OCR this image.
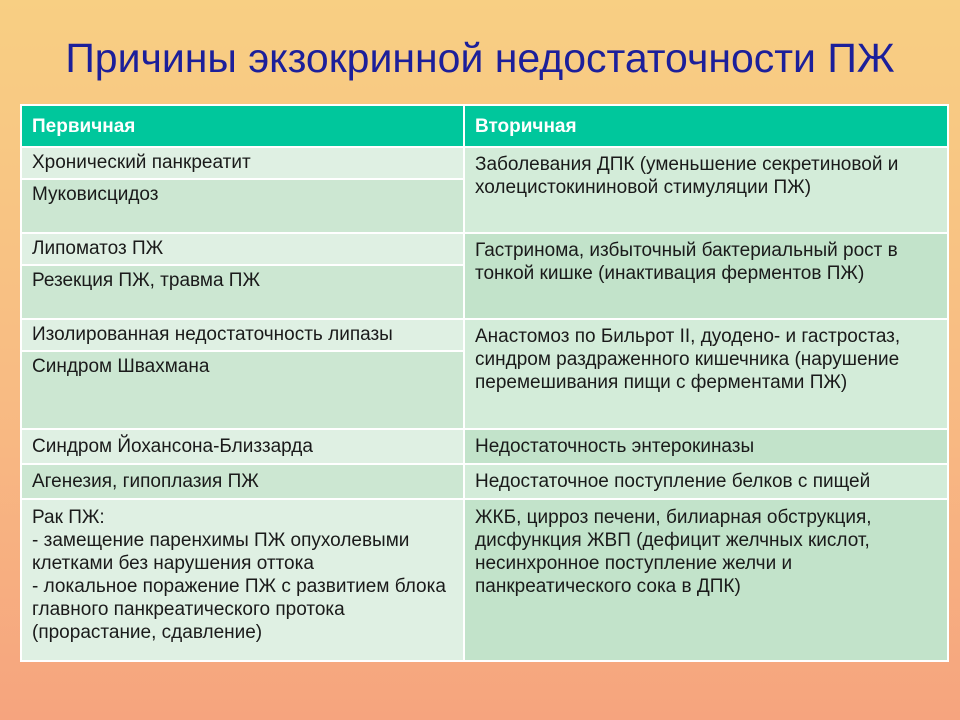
Причины экзокринной недостаточности ПЖ
Первичная	Вторичная
Хронический панкреатит	Заболевания ДПК (уменьшение секретиновой и холецистокининовой стимуляции ПЖ)
Муковисцидоз	
Липоматоз ПЖ	Гастринома, избыточный бактериальный рост в тонкой кишке (инактивация ферментов ПЖ)
Резекция ПЖ, травма ПЖ	
Изолированная недостаточность липазы	Анастомоз по Бильрот II, дуодено- и гастростаз, синдром раздраженного кишечника (нарушение перемешивания пищи с ферментами ПЖ)
Синдром Швахмана	
Синдром Йохансона-Близзарда	Недостаточность энтерокиназы
Агенезия, гипоплазия ПЖ	Недостаточное поступление белков с пищей
Рак ПЖ:
- замещение паренхимы ПЖ опухолевыми клетками без нарушения оттока
- локальное поражение ПЖ с развитием блока главного панкреатического протока (прорастание, сдавление)	ЖКБ, цирроз печени, билиарная обструкция, дисфункция ЖВП (дефицит желчных кислот, несинхронное поступление желчи и панкреатического сока в ДПК)
